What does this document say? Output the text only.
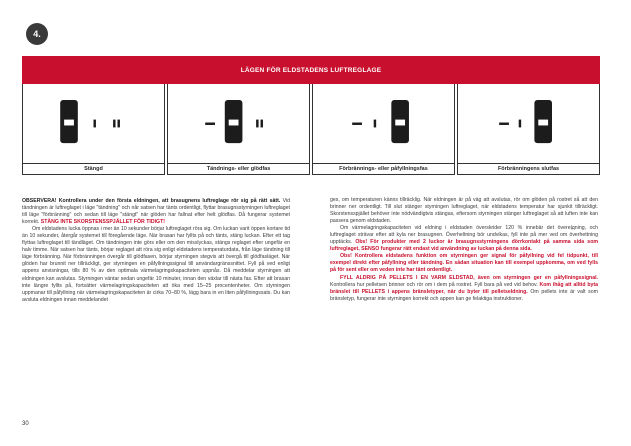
4.
LÄGEN FÖR ELDSTADENS LUFTREGLAGE
Stängd	Tändnings- eller glödfas	Förbrännings- eller påfyllningsfas	Förbränningens slutfas

OBSERVERA! Kontrollera under den första eldningen, att brasugnens luftreglage rör sig på rätt sätt. Vid tändningen är luftreglaget i läge "tändning" och når satsen har tänts ordentligt, flyttar brasugnsstyrningen luftreglaget till läge "förbränning" och sedan till läge "stängt" när glöden har fallnat efter helt glödfas. Då fungerar systemet korrekt. STÄNG INTE SKORSTENSSPJÄLLET FÖR TIDIGT!

Om eldstadens lucka öppnas i mer än 10 sekunder börjar luftreglaget röra sig. Om luckan varit öppen kortare tid än 10 sekunder, återgår systemet till föregående läge. När brasan har fyllts på och tänts, stäng luckan. Efter ett tag flyttas luftreglaget till tändläget. Om tändningen inte görs eller om den misslyckas, stängs reglaget efter ungefär en halv timme. När satsen har tänts, börjar reglaget att röra sig enligt eldstadens temperaturdata, från läge tändning till läge förbränning. När förbränningen övergår till glödfasen, börjar styrningen stegvis att övergå till glödfasläget. När glöden har brunnit ner tillräckligt, ger styrningen en påfyllningssignal till användargränssnittet. Fyll på ved enligt appens anvisningar, tills 80 % av den optimala värmelagringskapaciteten uppnås. Då meddelar styrningen att eldningen kan avslutas. Styrningen väntar sedan ungefär 10 minuter, innan den växlar till nästa fas. Efter att brasan inte längre fyllts på, fortsätter värmelagringskapaciteten att öka med 15–25 procentenheter. Om styrningen uppmanar till påfyllning när värmelagringskapaciteten är cirka 70–80 %, lägg bara in en liten påfyllningssats. Du kan avsluta eldningen innan meddelandet

ges, om temperaturen känns tillräcklig. När eldningen är på väg att avslutas, rör om glöden på rostret så att den brinner ner ordentligt. Till slut stänger styrningen luftreglaget, när eldstadens temperatur har sjunkit tillräckligt. Skorstensspjället behöver inte nödvändigtvis stängas, eftersom styrningen stänger luftreglaget så att luften inte kan passera genom eldstaden.

Om värmelagringskapaciteten vid eldning i eldstaden överskrider 120 % innebär det överelдning, och luftreglaget strävar efter att kyla ner brasugnen. Överheltning bör undvikas, fyll inte på mer ved om överhettning upptäcks. Obs! För produkter med 2 luckor är brasugnsstyrningens dörrkontakt på samma sida som luftreglaget, SENSO fungerar rätt endast vid användning av luckan på denna sida.

Obs! Kontrollera eldstadens funktion om styrningen ger signal för påfyllning vid fel tidpunkt, till exempel direkt efter påfyllning eller tändning. En sådan situation kan till exempel uppkomma, om ved fylls på för sent eller om veden inte har tänt ordentligt.

FYLL ALDRIG PÅ PELLETS I EN VARM ELDSTAD, även om styrningen ger en påfyllningssignal. Kontrollera hur pelletsen brinner och rör om i dem på rostret. Fyll bara på ved vid behov. Kom ihåg att alltid byta bränslet till PELLETS i appens bränsletyper, när du byter till pelletseldning. Om pellets inte är valt som bränsletyp, fungerar inte styrningen korrekt och appen kan ge felaktiga instruktioner.

30
